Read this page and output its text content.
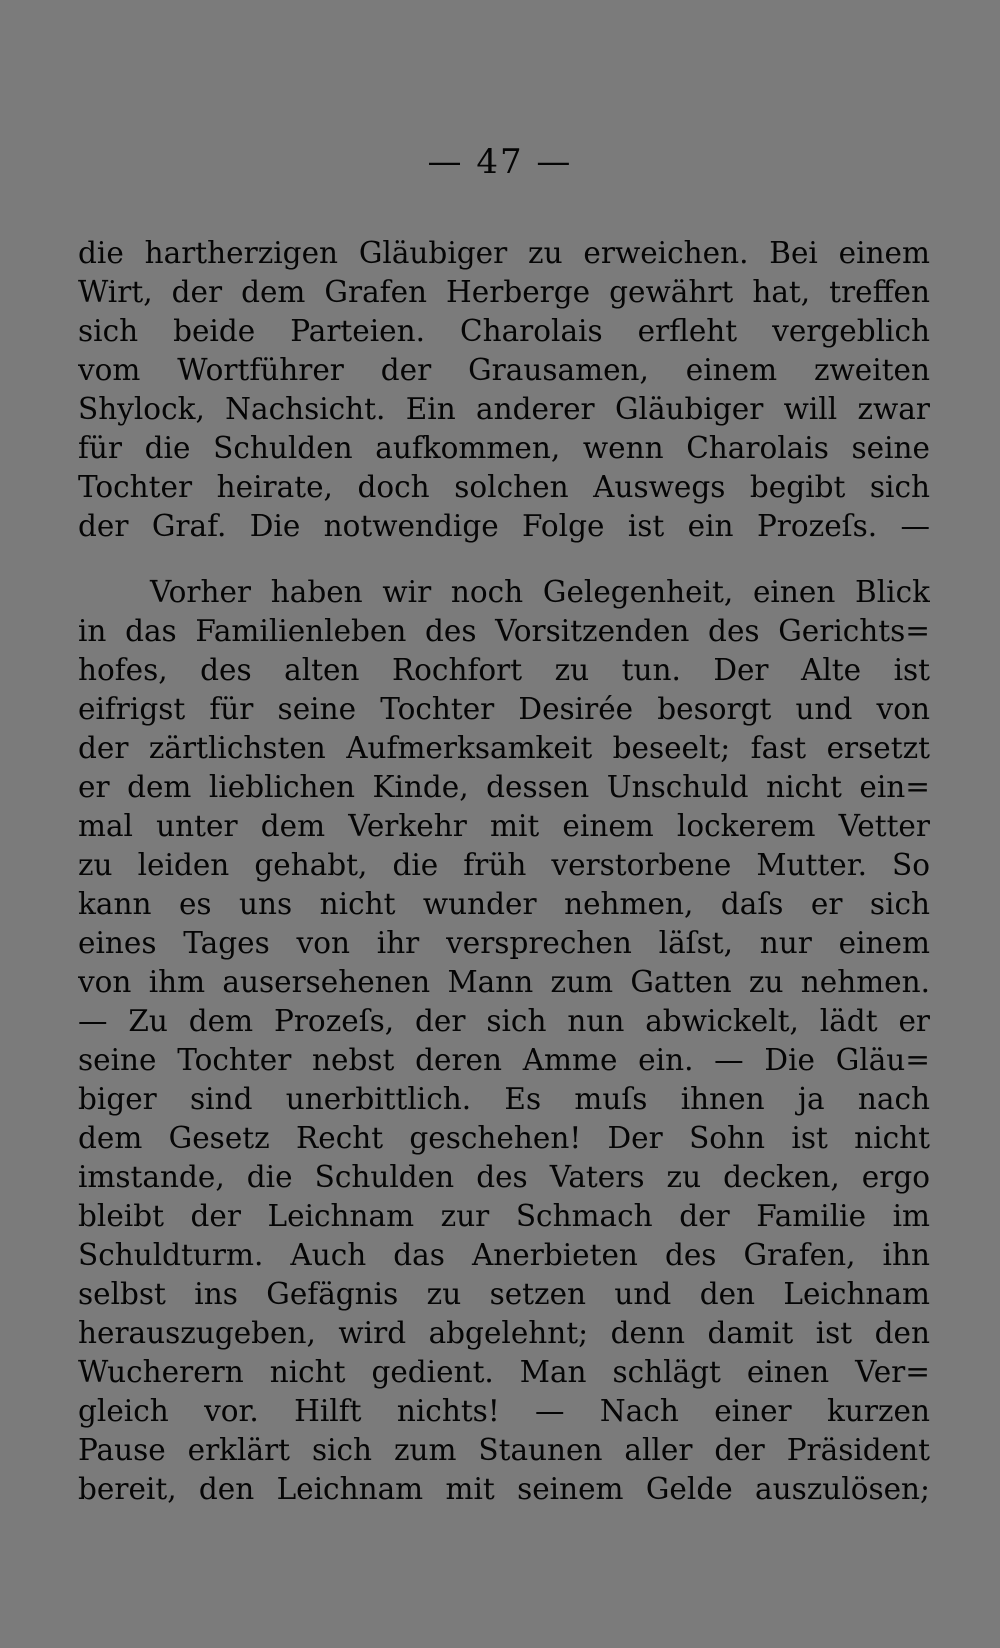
— 47 —
die hartherzigen Gläubiger zu erweichen. Bei einem
Wirt, der dem Grafen Herberge gewährt hat, treffen
sich beide Parteien. Charolais erfleht vergeblich
vom Wortführer der Grausamen, einem zweiten
Shylock, Nachsicht. Ein anderer Gläubiger will zwar
für die Schulden aufkommen, wenn Charolais seine
Tochter heirate, doch solchen Auswegs begibt sich
der Graf. Die notwendige Folge ist ein Prozeſs. —
Vorher haben wir noch Gelegenheit, einen Blick
in das Familienleben des Vorsitzenden des Gerichts=
hofes, des alten Rochfort zu tun. Der Alte ist
eifrigst für seine Tochter Desirée besorgt und von
der zärtlichsten Aufmerksamkeit beseelt; fast ersetzt
er dem lieblichen Kinde, dessen Unschuld nicht ein=
mal unter dem Verkehr mit einem lockerem Vetter
zu leiden gehabt, die früh verstorbene Mutter. So
kann es uns nicht wunder nehmen, daſs er sich
eines Tages von ihr versprechen läſst, nur einem
von ihm ausersehenen Mann zum Gatten zu nehmen.
— Zu dem Prozeſs, der sich nun abwickelt, lädt er
seine Tochter nebst deren Amme ein. — Die Gläu=
biger sind unerbittlich. Es muſs ihnen ja nach
dem Gesetz Recht geschehen! Der Sohn ist nicht
imstande, die Schulden des Vaters zu decken, ergo
bleibt der Leichnam zur Schmach der Familie im
Schuldturm. Auch das Anerbieten des Grafen, ihn
selbst ins Gefägnis zu setzen und den Leichnam
herauszugeben, wird abgelehnt; denn damit ist den
Wucherern nicht gedient. Man schlägt einen Ver=
gleich vor. Hilft nichts! — Nach einer kurzen
Pause erklärt sich zum Staunen aller der Präsident
bereit, den Leichnam mit seinem Gelde auszulösen;
